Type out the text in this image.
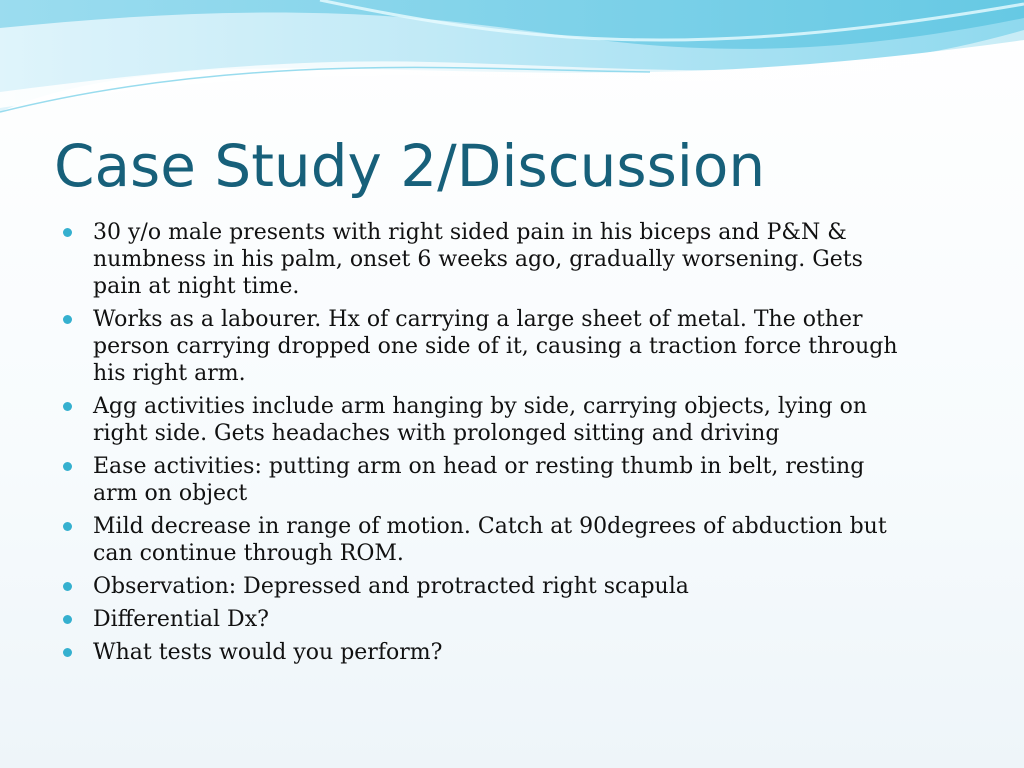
Case Study 2/Discussion
30 y/o male presents with right sided pain in his biceps and P&N &
numbness in his palm, onset 6 weeks ago, gradually worsening. Gets
pain at night time.
Works as a labourer. Hx of carrying a large sheet of metal. The other
person carrying dropped one side of it, causing a traction force through
his right arm.
Agg activities include arm hanging by side, carrying objects, lying on
right side. Gets headaches with prolonged sitting and driving
Ease activities: putting arm on head or resting thumb in belt, resting
arm on object
Mild decrease in range of motion. Catch at 90degrees of abduction but
can continue through ROM.
Observation: Depressed and protracted right scapula
Differential Dx?
What tests would you perform?
